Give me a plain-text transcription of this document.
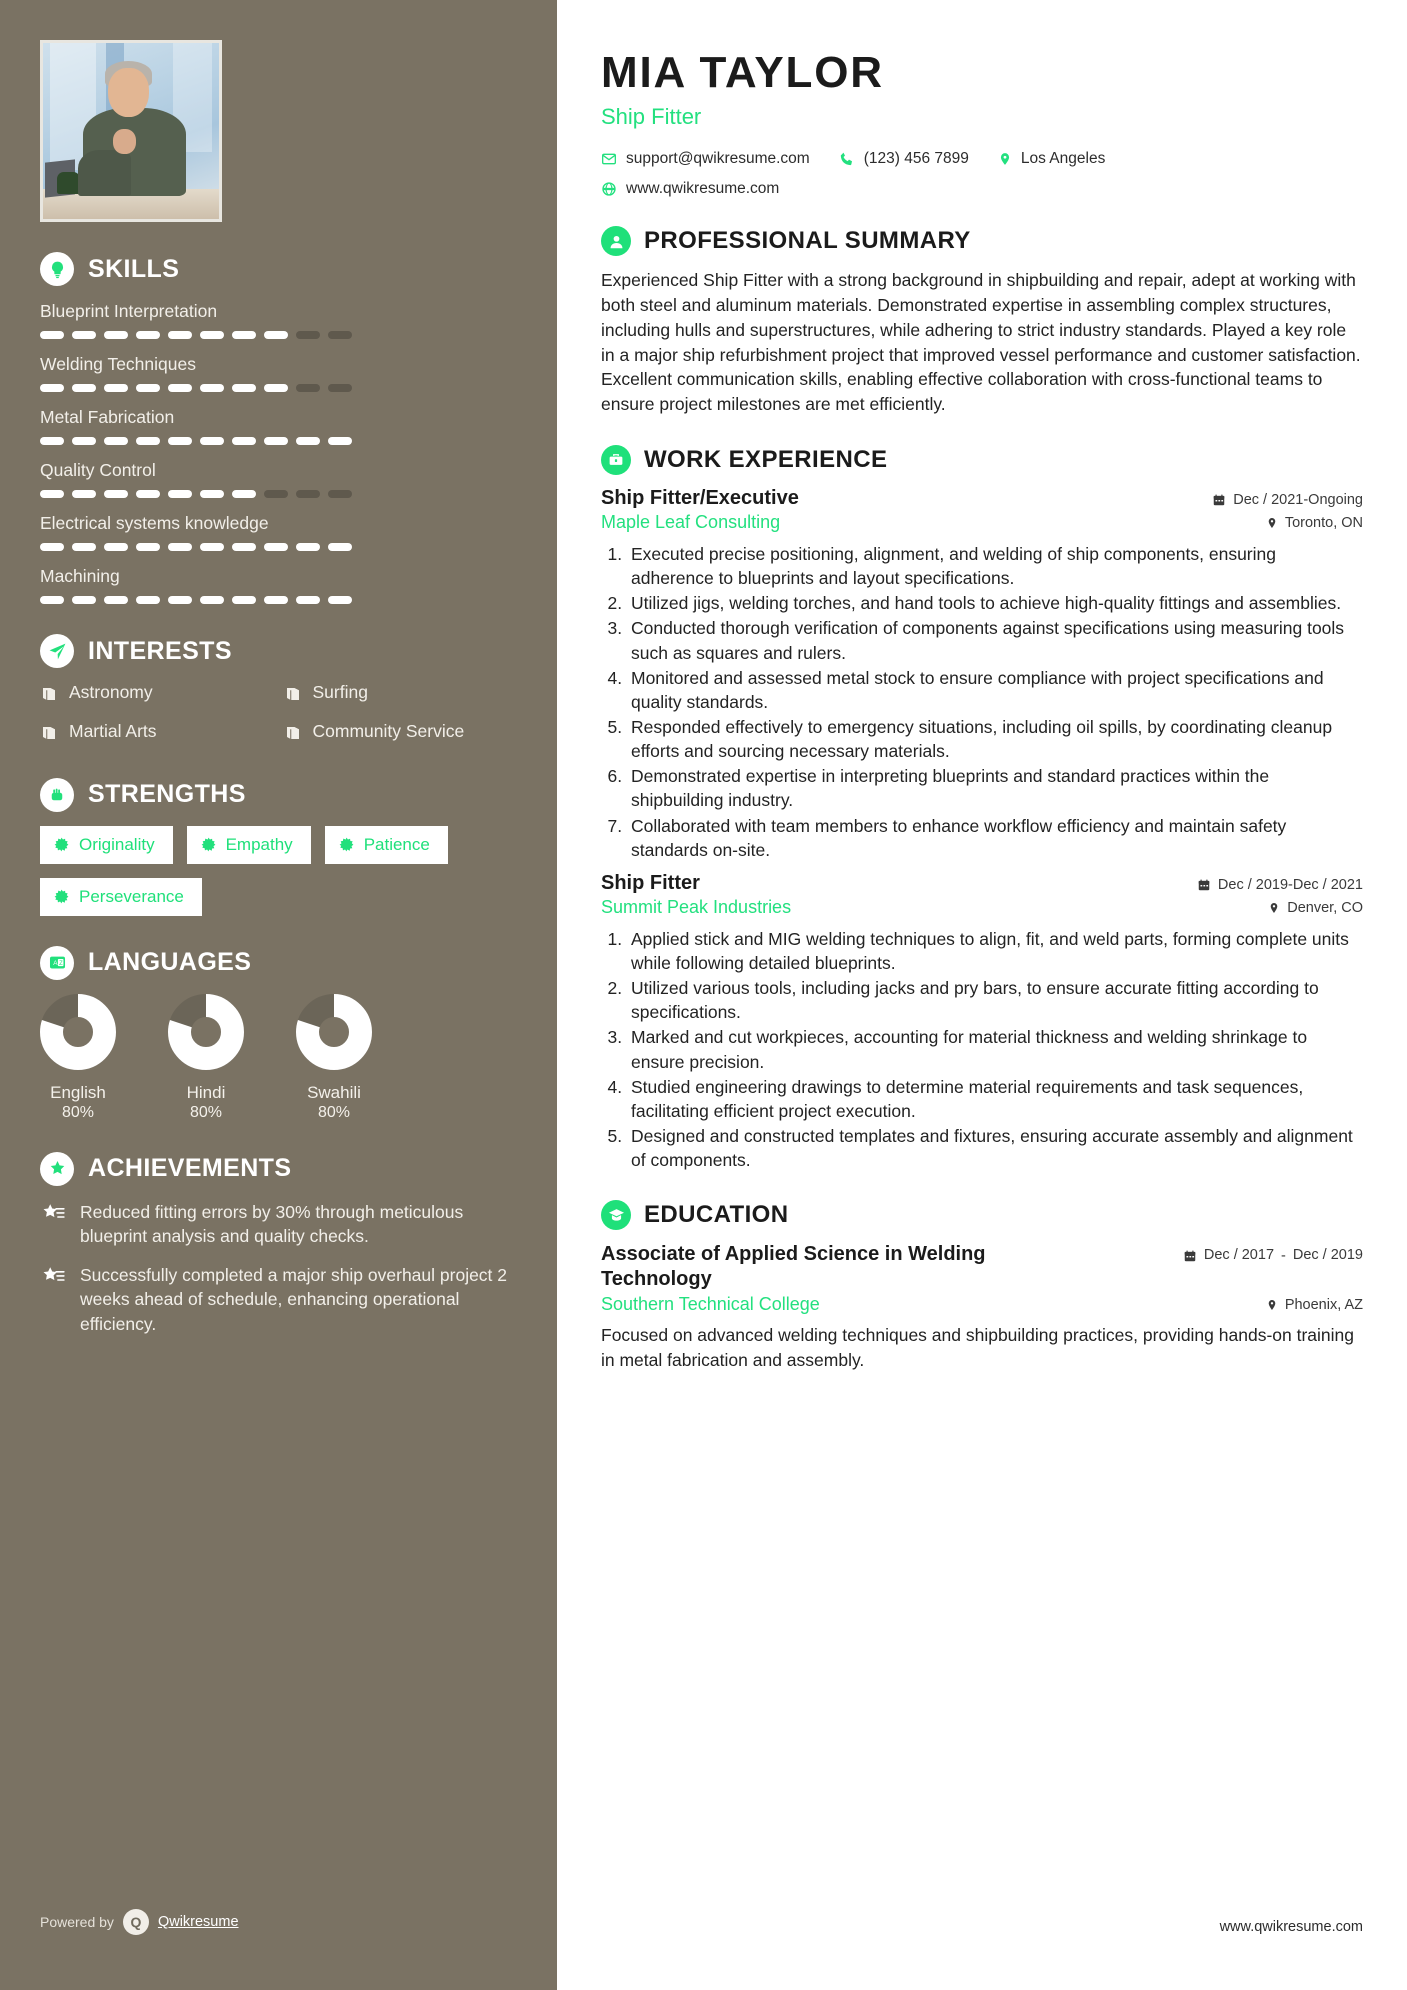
SKILLS
Blueprint Interpretation
Welding Techniques
Metal Fabrication
Quality Control
Electrical systems knowledge
Machining
INTERESTS
Astronomy	Surfing
Martial Arts	Community Service
STRENGTHS
Originality	Empathy	Patience
Perseverance
A Z LANGUAGES
English
80%
Hindi
80%
Swahili
80%
ACHIEVEMENTS
Reduced fitting errors by 30% through meticulous blueprint analysis and quality checks.
Successfully completed a major ship overhaul project 2 weeks ahead of schedule, enhancing operational efficiency.
Powered by	Q	Qwikresume
MIA TAYLOR
Ship Fitter
support@qwikresume.com	(123) 456 7899	Los Angeles
www.qwikresume.com
PROFESSIONAL SUMMARY

Experienced Ship Fitter with a strong background in shipbuilding and repair, adept at working with both steel and aluminum materials. Demonstrated expertise in assembling complex structures, including hulls and superstructures, while adhering to strict industry standards. Played a key role in a major ship refurbishment project that improved vessel performance and customer satisfaction. Excellent communication skills, enabling effective collaboration with cross-functional teams to ensure project milestones are met efficiently.

WORK EXPERIENCE
Ship Fitter/Executive	Dec / 2021-Ongoing
Maple Leaf Consulting	Toronto, ON
1. Executed precise positioning, alignment, and welding of ship components, ensuring adherence to blueprints and layout specifications.
2. Utilized jigs, welding torches, and hand tools to achieve high-quality fittings and assemblies.
3. Conducted thorough verification of components against specifications using measuring tools such as squares and rulers.
4. Monitored and assessed metal stock to ensure compliance with project specifications and quality standards.
5. Responded effectively to emergency situations, including oil spills, by coordinating cleanup efforts and sourcing necessary materials.
6. Demonstrated expertise in interpreting blueprints and standard practices within the shipbuilding industry.
7. Collaborated with team members to enhance workflow efficiency and maintain safety standards on-site.
Ship Fitter	Dec / 2019-Dec / 2021
Summit Peak Industries	Denver, CO
1. Applied stick and MIG welding techniques to align, fit, and weld parts, forming complete units while following detailed blueprints.
2. Utilized various tools, including jacks and pry bars, to ensure accurate fitting according to specifications.
3. Marked and cut workpieces, accounting for material thickness and welding shrinkage to ensure precision.
4. Studied engineering drawings to determine material requirements and task sequences, facilitating efficient project execution.
5. Designed and constructed templates and fixtures, ensuring accurate assembly and alignment of components.
EDUCATION
Associate of Applied Science in Welding Technology
Dec / 2017 - Dec / 2019
Southern Technical College	Phoenix, AZ
Focused on advanced welding techniques and shipbuilding practices, providing hands-on training in metal fabrication and assembly.
www.qwikresume.com
